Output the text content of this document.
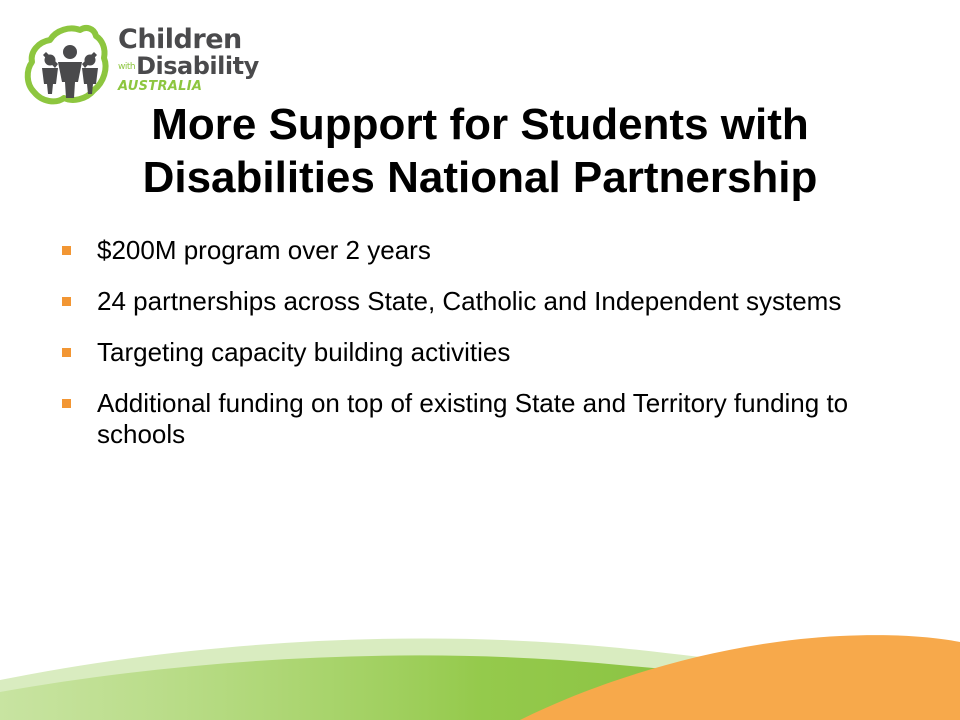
Children
withDisability
AUSTRALIA
More Support for Students with Disabilities National Partnership
$200M program over 2 years
24 partnerships across State, Catholic and Independent systems
Targeting capacity building activities
Additional funding on top of existing State and Territory funding to schools
